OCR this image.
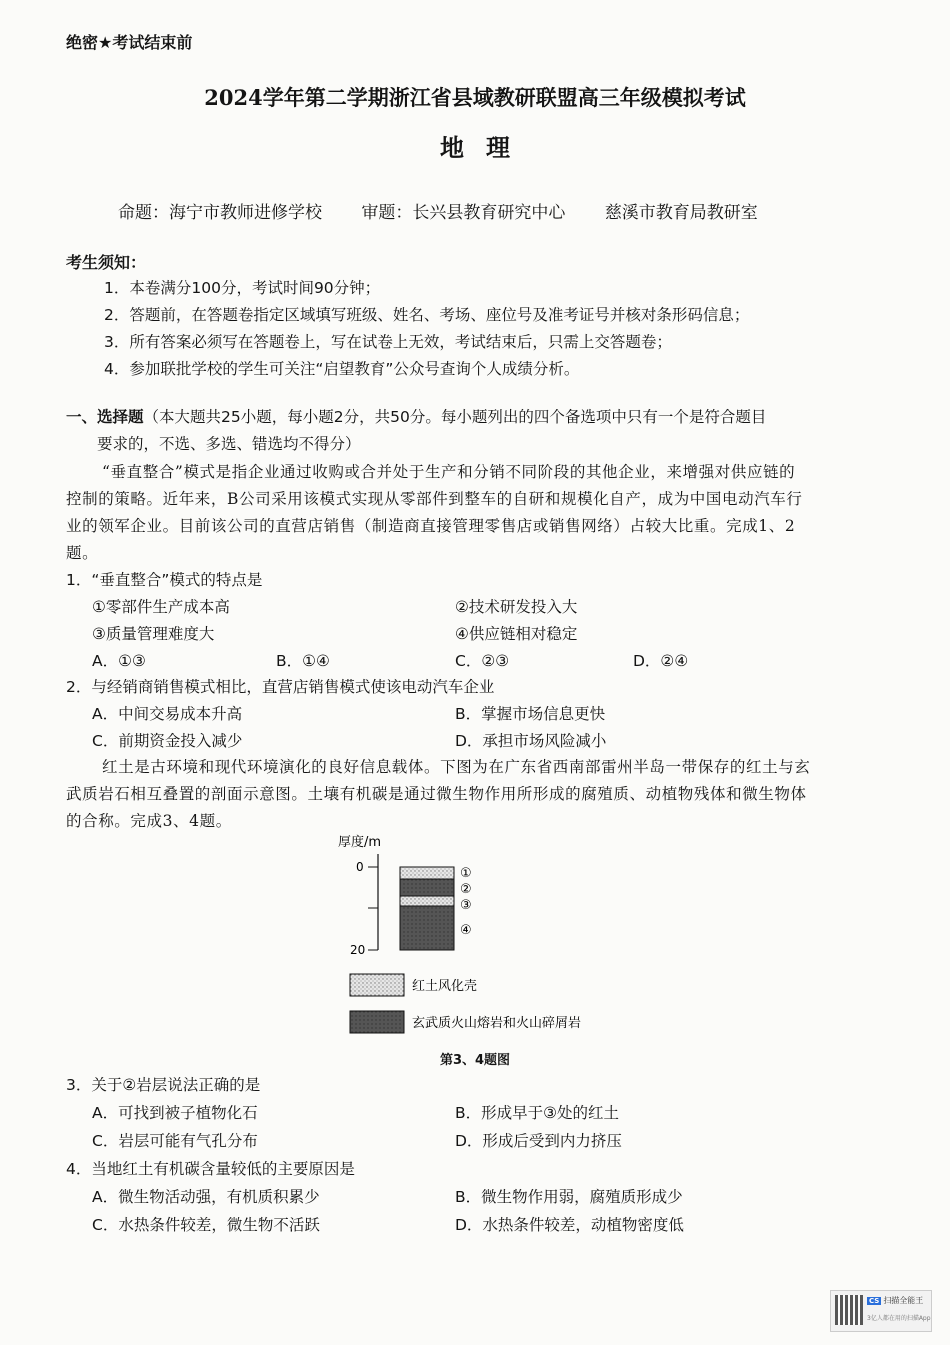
绝密★考试结束前
2024学年第二学期浙江省县域教研联盟高三年级模拟考试
地理
命题：海宁市教师进修学校 审题：长兴县教育研究中心 慈溪市教育局教研室
考生须知：
1．本卷满分100分，考试时间90分钟；
2．答题前，在答题卷指定区域填写班级、姓名、考场、座位号及准考证号并核对条形码信息；
3．所有答案必须写在答题卷上，写在试卷上无效，考试结束后，只需上交答题卷；
4．参加联批学校的学生可关注“启望教育”公众号查询个人成绩分析。
一、选择题（本大题共25小题，每小题2分，共50分。每小题列出的四个备选项中只有一个是符合题目
要求的，不选、多选、错选均不得分）
“垂直整合”模式是指企业通过收购或合并处于生产和分销不同阶段的其他企业，来增强对供应链的
控制的策略。近年来，B公司采用该模式实现从零部件到整车的自研和规模化自产，成为中国电动汽车行
业的领军企业。目前该公司的直营店销售（制造商直接管理零售店或销售网络）占较大比重。完成1、2
题。
1．“垂直整合”模式的特点是
①零部件生产成本高	②技术研发投入大
③质量管理难度大	④供应链相对稳定
A．①③	B．①④	C．②③	D．②④
2．与经销商销售模式相比，直营店销售模式使该电动汽车企业
A．中间交易成本升高	B．掌握市场信息更快
C．前期资金投入减少	D．承担市场风险减小
红土是古环境和现代环境演化的良好信息载体。下图为在广东省西南部雷州半岛一带保存的红土与玄
武质岩石相互叠置的剖面示意图。土壤有机碳是通过微生物作用所形成的腐殖质、动植物残体和微生物体
的合称。完成3、4题。
厚度/m
0
20
①
②
③
④
红土风化壳
玄武质火山熔岩和火山碎屑岩
第3、4题图
3．关于②岩层说法正确的是
A．可找到被子植物化石	B．形成早于③处的红土
C．岩层可能有气孔分布	D．形成后受到内力挤压
4．当地红土有机碳含量较低的主要原因是
A．微生物活动强，有机质积累少	B．微生物作用弱，腐殖质形成少
C．水热条件较差，微生物不活跃	D．水热条件较差，动植物密度低
CS 扫描全能王
3亿人都在用的扫描App
